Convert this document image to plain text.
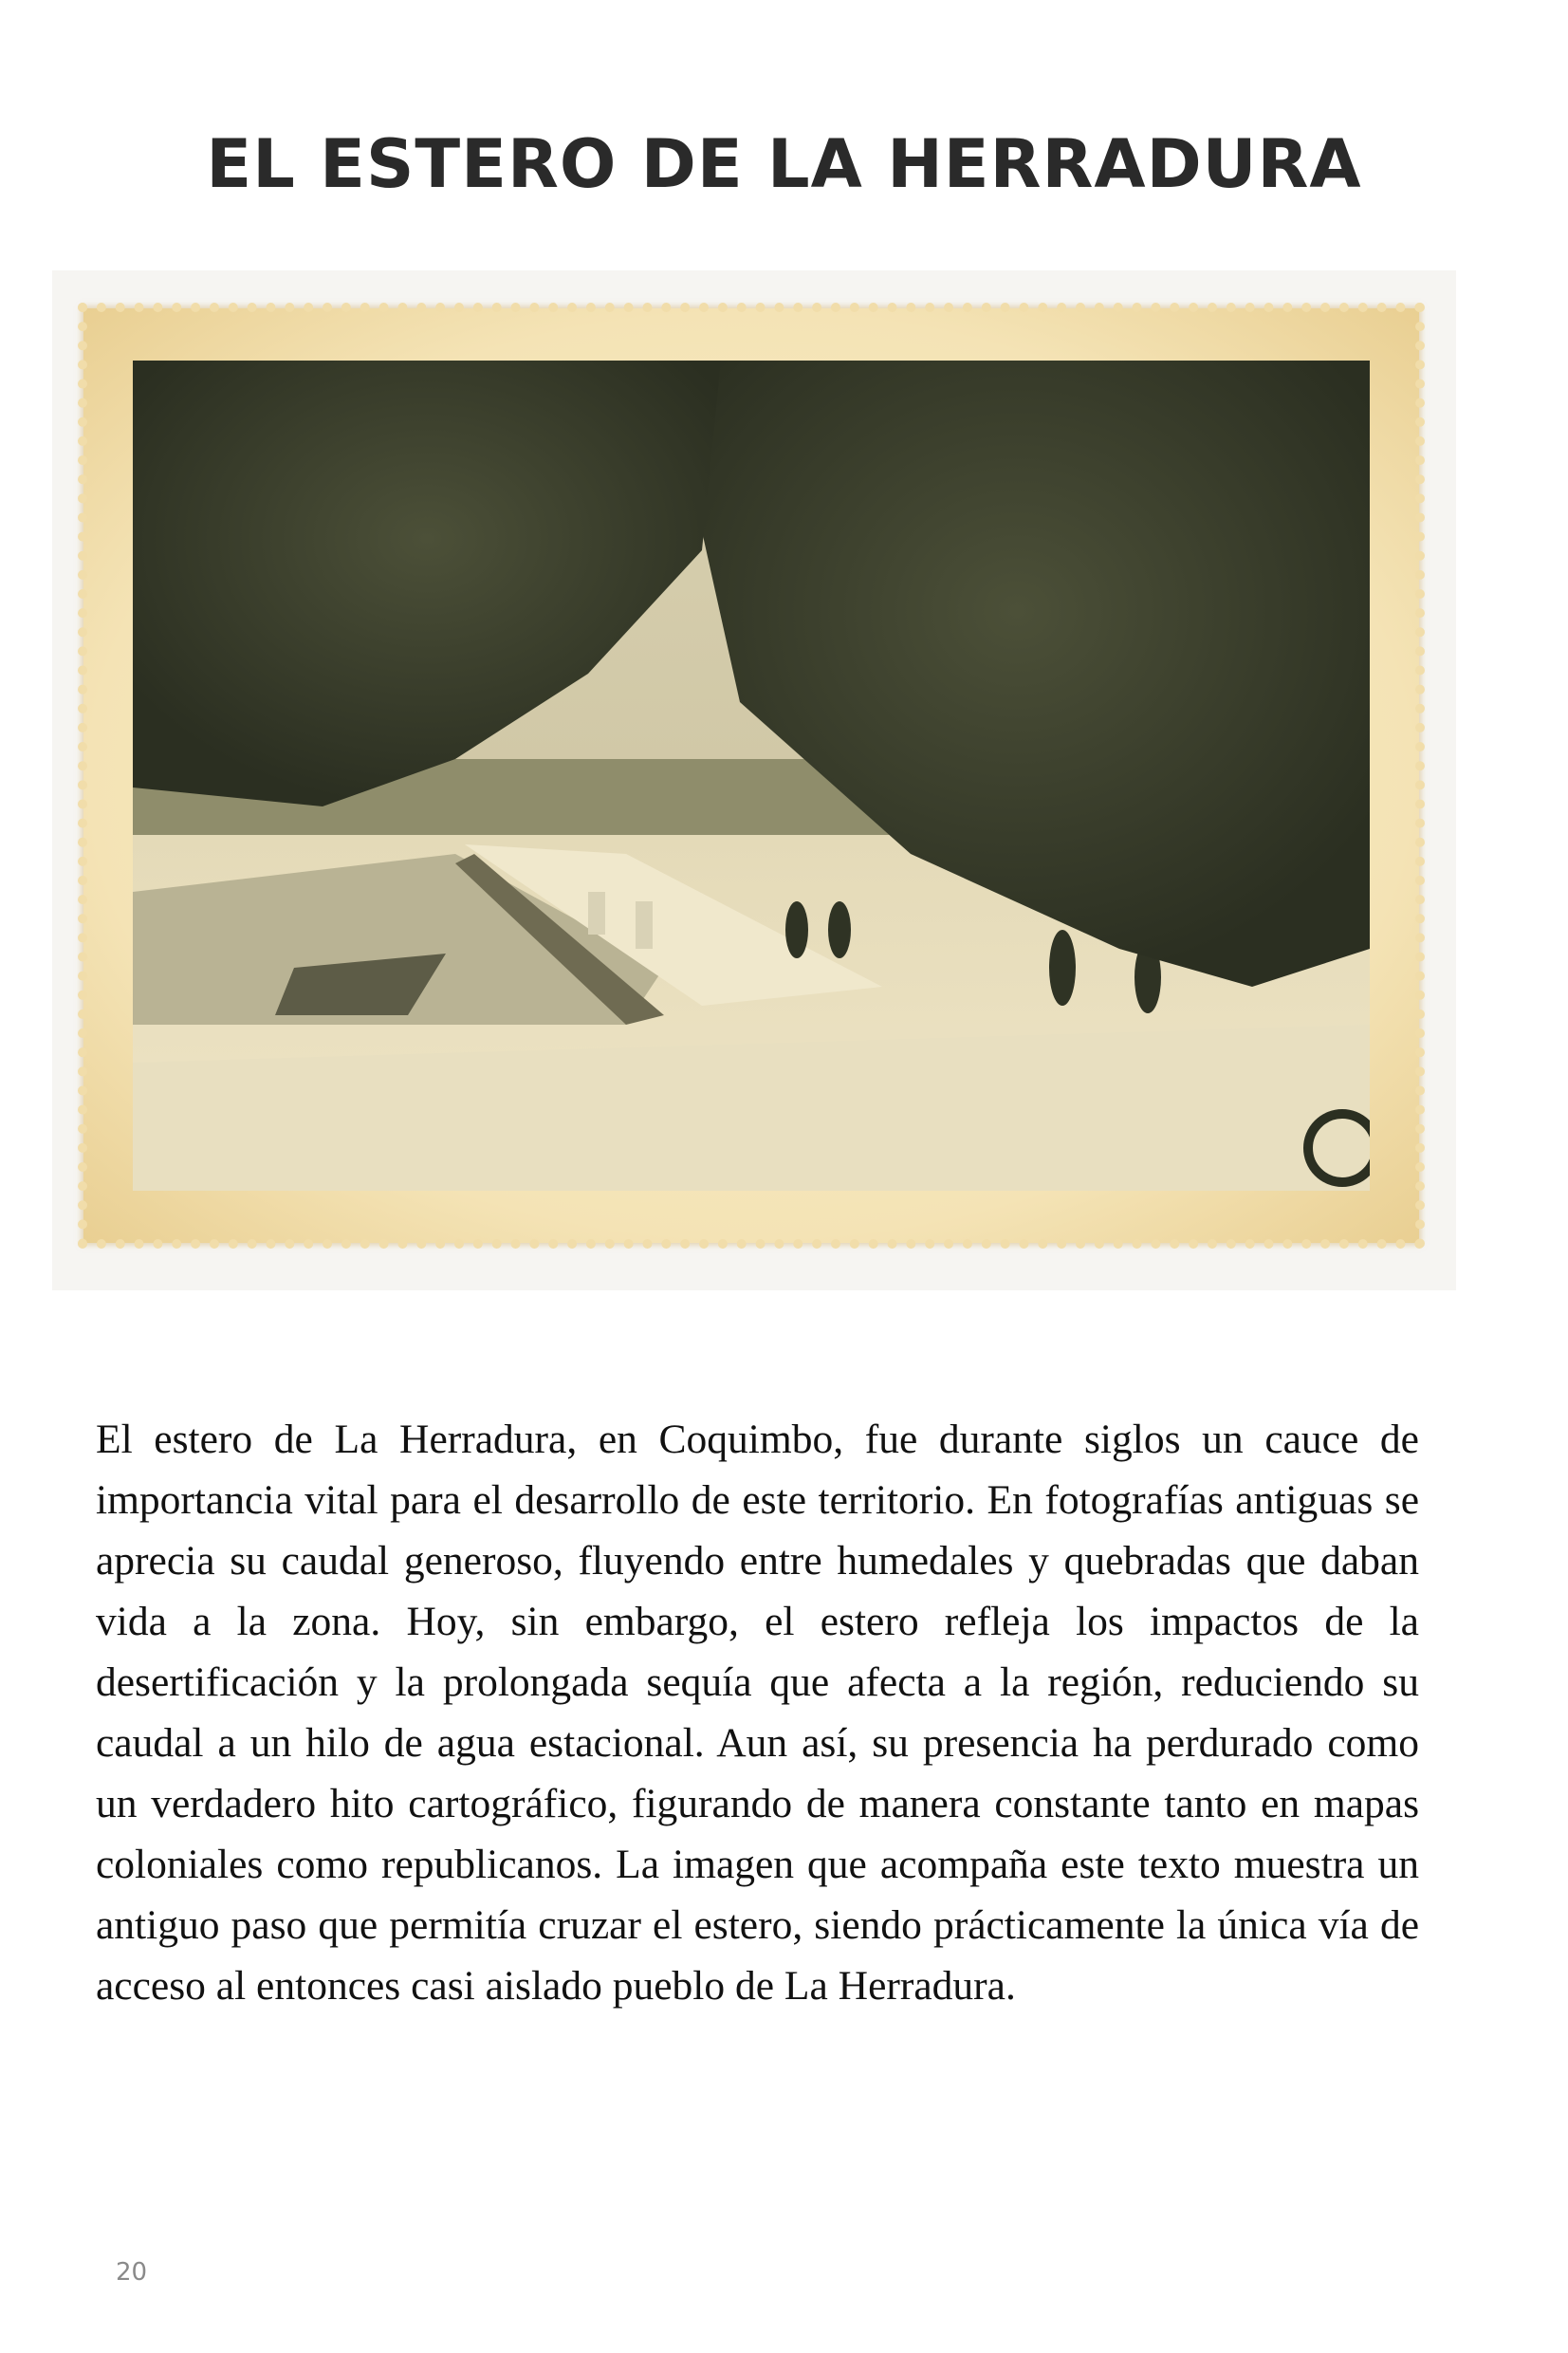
EL ESTERO DE LA HERRADURA

El estero de La Herradura, en Coquimbo, fue durante siglos un cauce de importancia vital para el desarrollo de este territorio. En fotografías antiguas se aprecia su caudal generoso, fluyendo entre humedales y quebradas que daban vida a la zona. Hoy, sin embargo, el estero refleja los impactos de la desertificación y la prolongada sequía que afecta a la región, reduciendo su caudal a un hilo de agua estacional. Aun así, su presencia ha perdurado como un verdadero hito cartográfico, figurando de manera constante tanto en mapas coloniales como republicanos. La imagen que acompaña este texto muestra un antiguo paso que permitía cruzar el estero, siendo prácticamente la única vía de acceso al entonces casi aislado pueblo de La Herradura.

20
